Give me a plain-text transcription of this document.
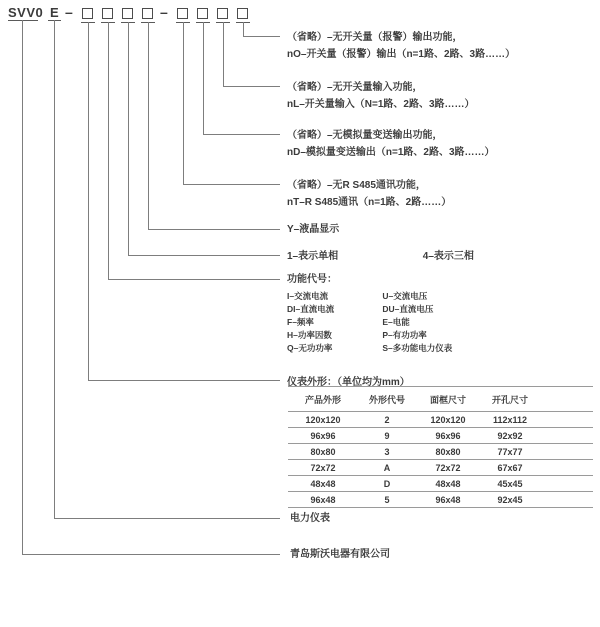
SVV0 E –	–
（省略）–无开关量（报警）输出功能，
nO–开关量（报警）输出（n=1路、2路、3路……）
（省略）–无开关量输入功能，
nL–开关量输入（N=1路、2路、3路……）
（省略）–无模拟量变送输出功能，
nD–模拟量变送输出（n=1路、2路、3路……）
（省略）–无R S485通讯功能，
nT–R S485通讯（n=1路、2路……）
Y–液晶显示
1–表示单相	4–表示三相
功能代号：
I–交流电流	U–交流电压
DI–直流电流	DU–直流电压
F–频率	E–电能
H–功率因数	P–有功功率
Q–无功功率	S–多功能电力仪表
仪表外形：（单位均为mm）
产品外形	外形代号	面框尺寸	开孔尺寸	
120x120	2	120x120	112x112	
96x96	9	96x96	92x92	
80x80	3	80x80	77x77	
72x72	A	72x72	67x67	
48x48	D	48x48	45x45	
96x48	5	96x48	92x45	
电力仪表
青岛斯沃电器有限公司
